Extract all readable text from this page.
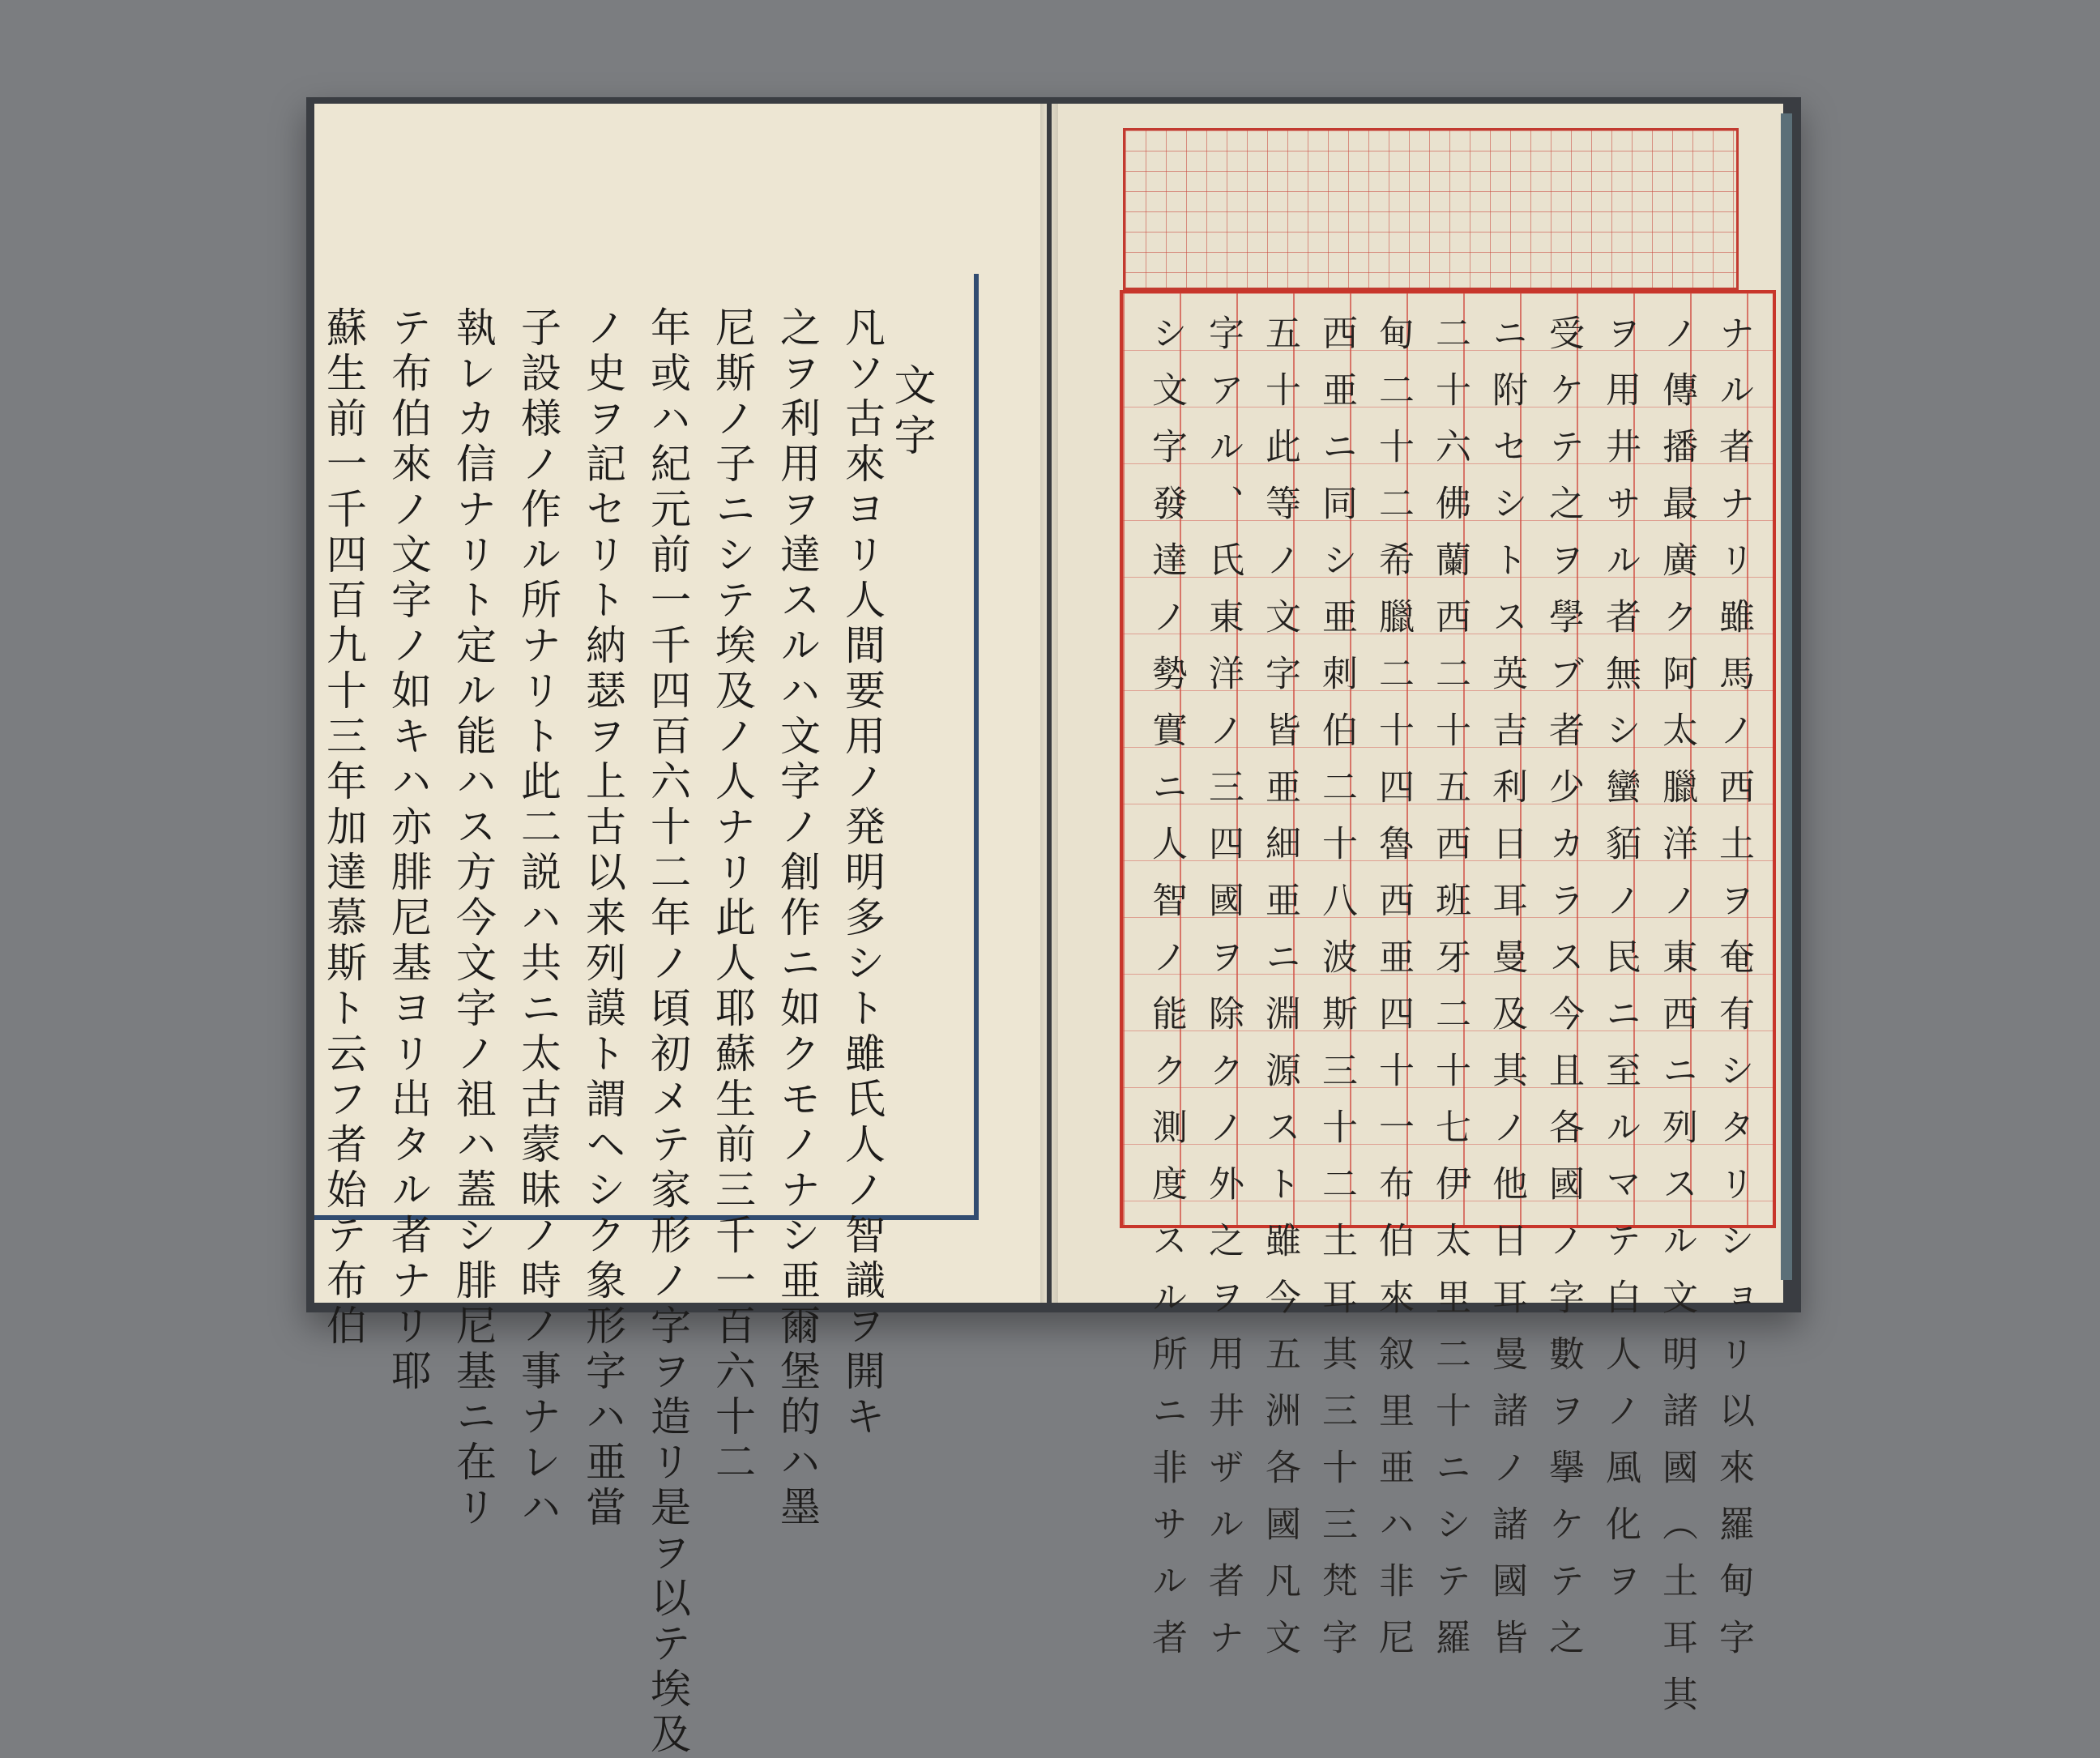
文字
凡ソ古來ヨリ人間要用ノ発明多シト雖氏人ノ智識ヲ開キ
之ヲ利用ヲ達スルハ文字ノ創作ニ如クモノナシ亜爾堡的ハ墨
尼斯ノ子ニシテ埃及ノ人ナリ此人耶蘇生前三千一百六十二
年或ハ紀元前一千四百六十二年ノ頃初メテ家形ノ字ヲ造リ是ヲ以テ埃及
ノ史ヲ記セリト納瑟ヲ上古以来列謨ト謂ヘシク象形字ハ亜當
子設様ノ作ル所ナリト此二説ハ共ニ太古蒙昧ノ時ノ事ナレハ
執レカ信ナリト定ル能ハス方今文字ノ祖ハ蓋シ腓尼基ニ在リ
テ布伯來ノ文字ノ如キハ亦腓尼基ヨリ出タル者ナリ耶
蘇生前一千四百九十三年加達慕斯ト云フ者始テ布伯	ナル者ナリ雖馬ノ西土ヲ奄有シタリショリ以來羅甸字
ノ傳播最廣ク阿太臘洋ノ東西ニ列スル文明諸國（土耳其
ヲ用井サル者無シ蠻貊ノ民ニ至ルマテ白人ノ風化ヲ
受ケテ之ヲ學ブ者少カラス今且各國ノ字數ヲ擧ケテ之
ニ附セシトス英吉利日耳曼及其ノ他日耳曼諸ノ諸國皆
二十六佛蘭西二十五西班牙二十七伊太里二十ニシテ羅
甸二十二希臘二十四魯西亜四十一布伯來叙里亜ハ非尼
西亜ニ同シ亜刺伯二十八波斯三十二土耳其三十三梵字
五十此等ノ文字皆亜細亜ニ淵源スト雖今五洲各國凡文
字アル、氏東洋ノ三四國ヲ除クノ外之ヲ用井ザル者ナ
シ文字發達ノ勢實ニ人智ノ能ク測度スル所ニ非サル者
